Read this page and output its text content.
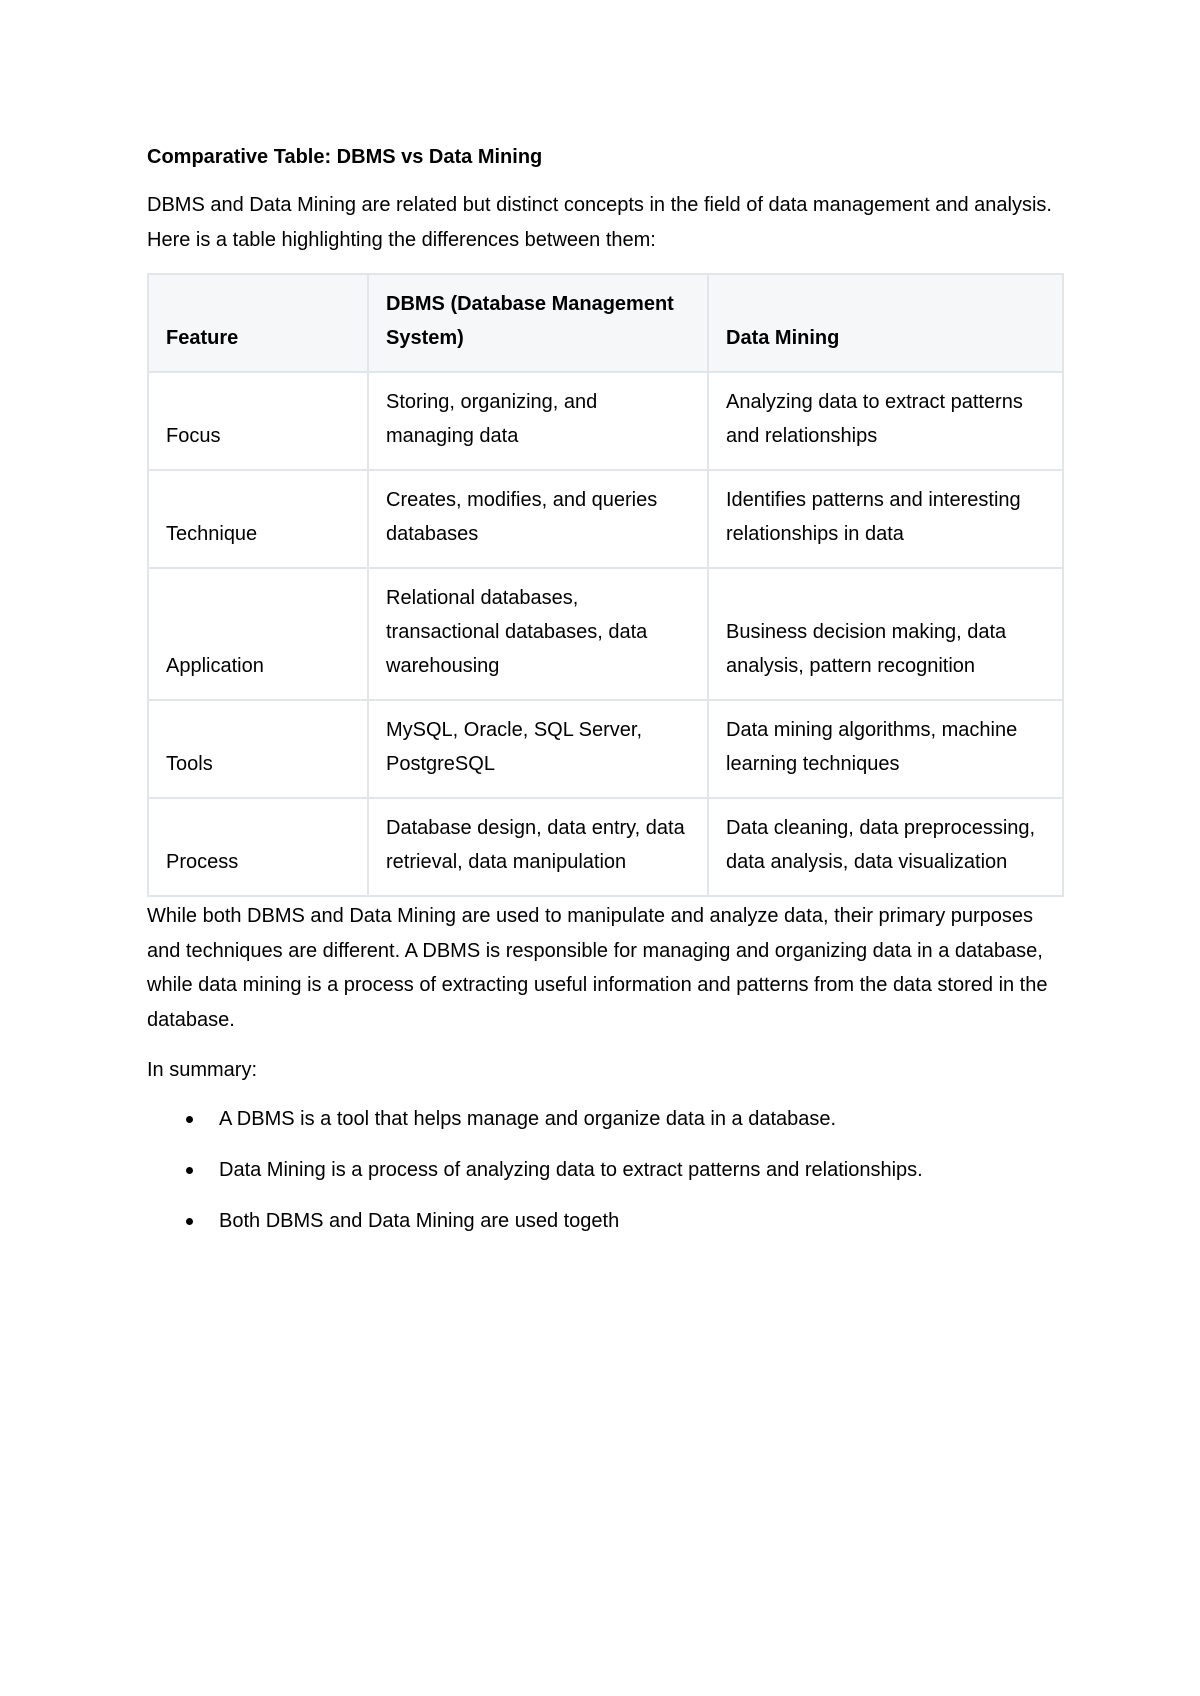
Comparative Table: DBMS vs Data Mining

DBMS and Data Mining are related but distinct concepts in the field of data management and analysis. Here is a table highlighting the differences between them:

Feature	DBMS (Database Management System)	Data Mining
Focus	Storing, organizing, and managing data	Analyzing data to extract patterns and relationships
Technique	Creates, modifies, and queries databases	Identifies patterns and interesting relationships in data
Application	Relational databases, transactional databases, data warehousing	Business decision making, data analysis, pattern recognition
Tools	MySQL, Oracle, SQL Server, PostgreSQL	Data mining algorithms, machine learning techniques
Process	Database design, data entry, data retrieval, data manipulation	Data cleaning, data preprocessing, data analysis, data visualization

While both DBMS and Data Mining are used to manipulate and analyze data, their primary purposes and techniques are different. A DBMS is responsible for managing and organizing data in a database, while data mining is a process of extracting useful information and patterns from the data stored in the database.

In summary:

A DBMS is a tool that helps manage and organize data in a database.
Data Mining is a process of analyzing data to extract patterns and relationships.
Both DBMS and Data Mining are used togeth
